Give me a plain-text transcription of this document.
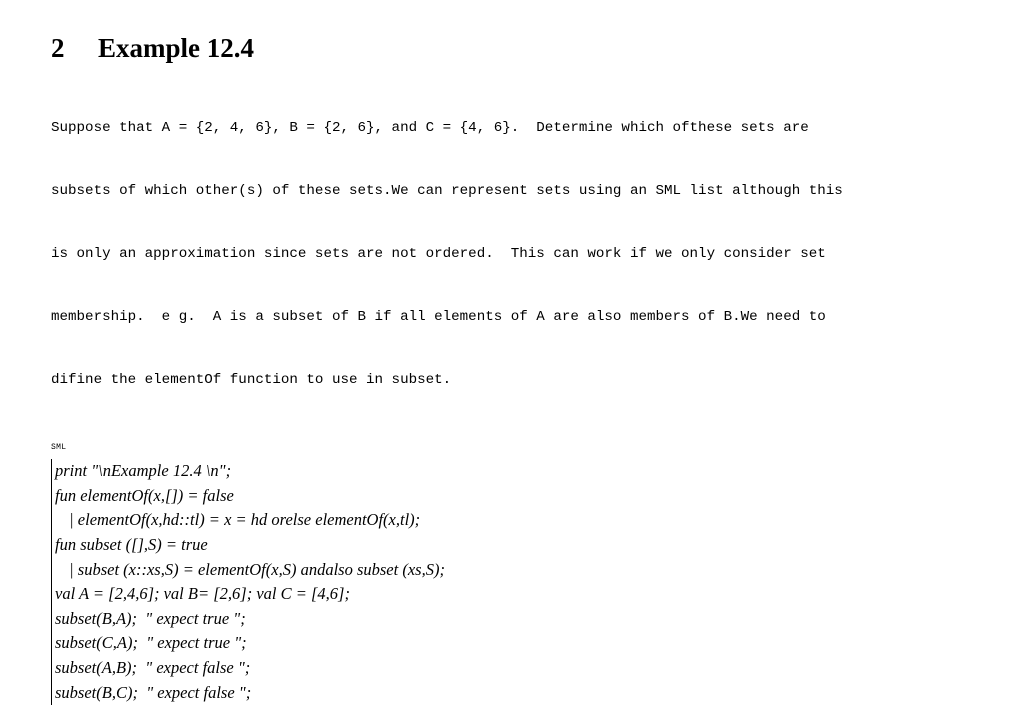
2	Example 12.4

Suppose that A = {2, 4, 6}, B = {2, 6}, and C = {4, 6}.  Determine which ofthese sets are

subsets of which other(s) of these sets.We can represent sets using an SML list although this

is only an approximation since sets are not ordered.  This can work if we only consider set

membership.  e g.  A is a subset of B if all elements of A are also members of B.We need to

difine the elementOf function to use in subset.

SML
print "\nExample 12.4 \n";
fun elementOf(x,[]) = false
| elementOf(x,hd::tl) = x = hd orelse elementOf(x,tl);
fun subset ([],S) = true
| subset (x::xs,S) = elementOf(x,S) andalso subset (xs,S);
val A = [2,4,6]; val B= [2,6]; val C = [4,6];
subset(B,A);  " expect true ";
subset(C,A);  " expect true ";
subset(A,B);  " expect false ";
subset(B,C);  " expect false ";
